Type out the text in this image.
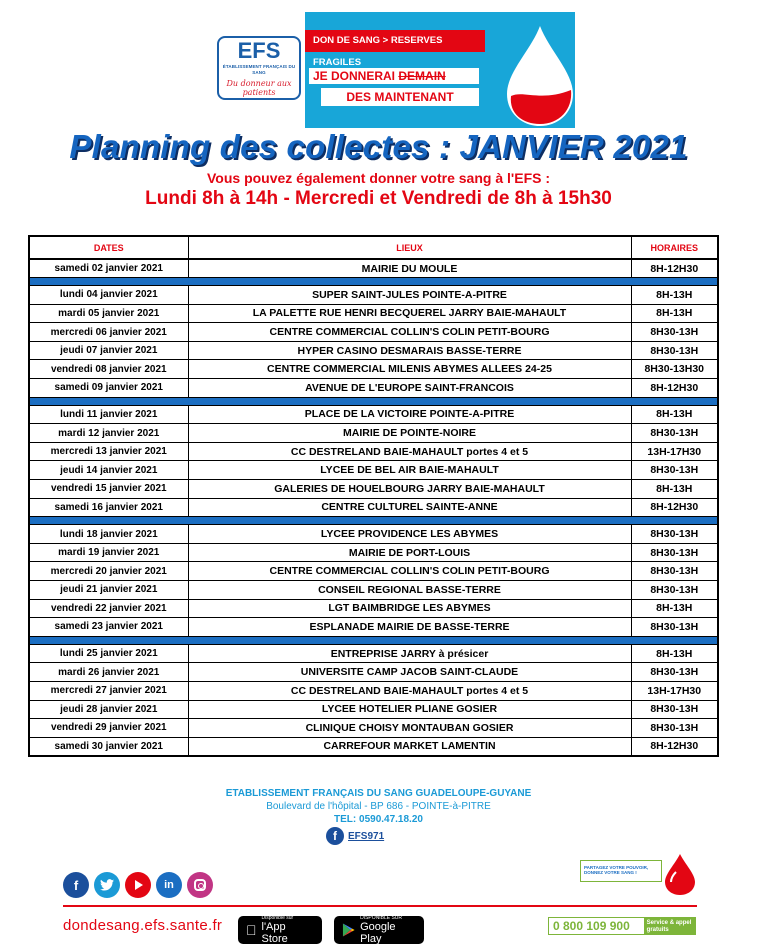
EFS
ÉTABLISSEMENT FRANÇAIS DU SANG
Du donneur aux patients
DON DE SANG > RESERVES FRAGILES
JE DONNERAI DEMAIN
DES MAINTENANT
Planning des collectes : JANVIER 2021
Vous pouvez également donner votre sang à l'EFS :
Lundi 8h à 14h - Mercredi et Vendredi de 8h à 15h30
DATES	LIEUX	HORAIRES
samedi 02 janvier 2021	MAIRIE DU MOULE	8H-12H30

lundi 04 janvier 2021	SUPER SAINT-JULES POINTE-A-PITRE	8H-13H
mardi 05 janvier 2021	LA PALETTE RUE HENRI BECQUEREL JARRY BAIE-MAHAULT	8H-13H
mercredi 06 janvier 2021	CENTRE COMMERCIAL COLLIN'S COLIN PETIT-BOURG	8H30-13H
jeudi 07 janvier 2021	HYPER CASINO DESMARAIS BASSE-TERRE	8H30-13H
vendredi 08 janvier 2021	CENTRE COMMERCIAL MILENIS ABYMES ALLEES 24-25	8H30-13H30
samedi 09 janvier 2021	AVENUE DE L'EUROPE SAINT-FRANCOIS	8H-12H30

lundi 11 janvier 2021	PLACE DE LA VICTOIRE POINTE-A-PITRE	8H-13H
mardi 12 janvier 2021	MAIRIE DE POINTE-NOIRE	8H30-13H
mercredi 13 janvier 2021	CC DESTRELAND BAIE-MAHAULT portes 4 et 5	13H-17H30
jeudi 14 janvier 2021	LYCEE DE BEL AIR BAIE-MAHAULT	8H30-13H
vendredi 15 janvier 2021	GALERIES DE HOUELBOURG JARRY BAIE-MAHAULT	8H-13H
samedi 16 janvier 2021	CENTRE CULTUREL SAINTE-ANNE	8H-12H30

lundi 18 janvier 2021	LYCEE PROVIDENCE LES ABYMES	8H30-13H
mardi 19 janvier 2021	MAIRIE DE PORT-LOUIS	8H30-13H
mercredi 20 janvier 2021	CENTRE COMMERCIAL COLLIN'S COLIN PETIT-BOURG	8H30-13H
jeudi 21 janvier 2021	CONSEIL REGIONAL BASSE-TERRE	8H30-13H
vendredi 22 janvier 2021	LGT BAIMBRIDGE LES ABYMES	8H-13H
samedi 23 janvier 2021	ESPLANADE MAIRIE DE BASSE-TERRE	8H30-13H

lundi 25 janvier 2021	ENTREPRISE JARRY à présicer	8H-13H
mardi 26 janvier 2021	UNIVERSITE CAMP JACOB SAINT-CLAUDE	8H30-13H
mercredi 27 janvier 2021	CC DESTRELAND BAIE-MAHAULT portes 4 et 5	13H-17H30
jeudi 28 janvier 2021	LYCEE HOTELIER PLIANE GOSIER	8H30-13H
vendredi 29 janvier 2021	CLINIQUE CHOISY MONTAUBAN GOSIER	8H30-13H
samedi 30 janvier 2021	CARREFOUR MARKET LAMENTIN	8H-12H30
ETABLISSEMENT FRANÇAIS DU SANG GUADELOUPE-GUYANE
Boulevard de l'hôpital - BP 686 - POINTE-à-PITRE
TEL: 0590.47.18.20
f	EFS971
f	in
PARTAGEZ VOTRE POUVOIR, DONNEZ VOTRE SANG !
dondesang.efs.sante.fr	Disponible sur
l'App Store
DISPONIBLE SUR
Google Play
0 800 109 900	Service & appel gratuits
